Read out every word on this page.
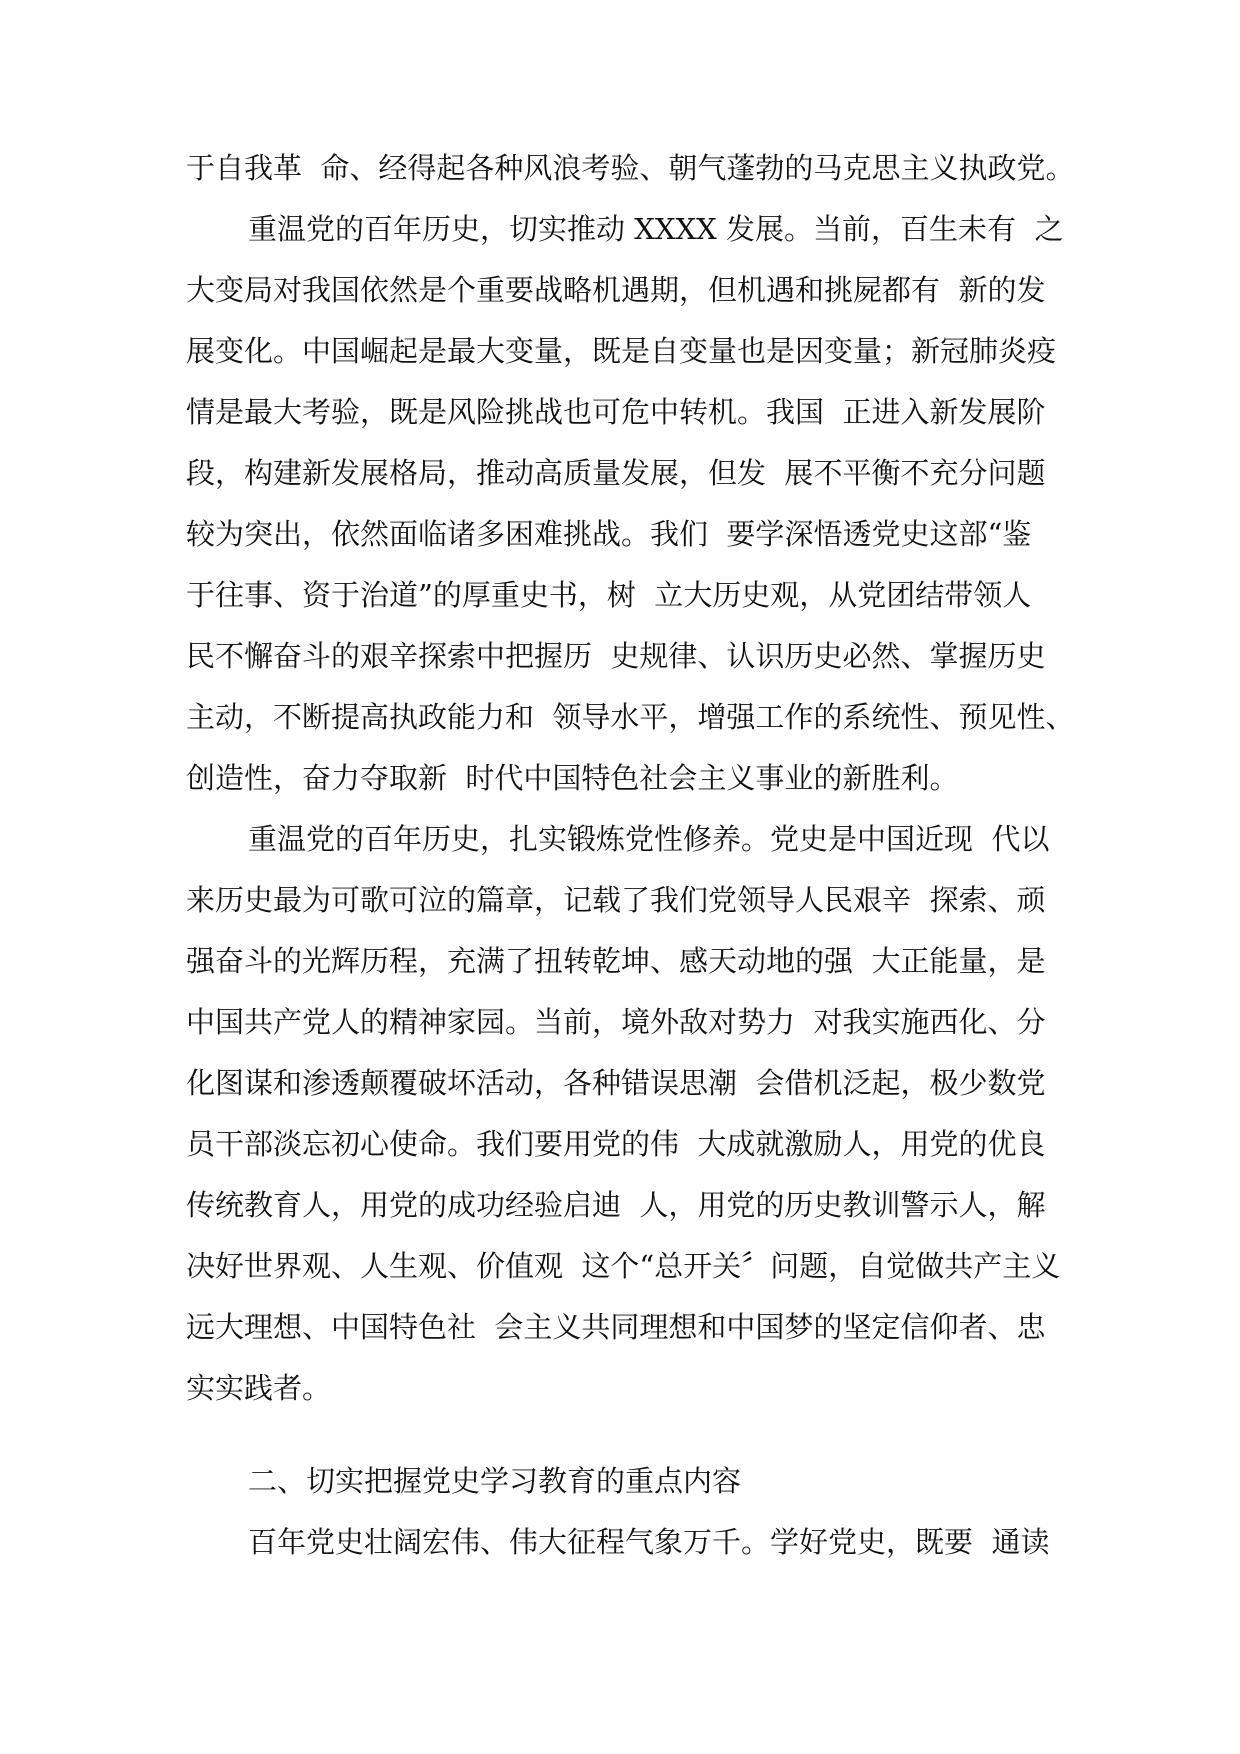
于自我革  命、经得起各种风浪考验、朝气蓬勃的马克思主义执政党。
重温党的百年历史，切实推动 XXXX 发展。当前，百生未有  之
大变局对我国依然是个重要战略机遇期，但机遇和挑屍都有  新的发
展变化。中国崛起是最大变量，既是自变量也是因变量；新冠肺炎疫
情是最大考验，既是风险挑战也可危中转机。我国  正进入新发展阶
段，构建新发展格局，推动高质量发展，但发  展不平衡不充分问题
较为突出，依然面临诸多困难挑战。我们  要学深悟透党史这部“鉴
于往事、资于治道”的厚重史书，树  立大历史观，从党团结带领人
民不懈奋斗的艰辛探索中把握历  史规律、认识历史必然、掌握历史
主动，不断提高执政能力和  领导水平，增强工作的系统性、预见性、
创造性，奋力夺取新  时代中国特色社会主义事业的新胜利。
重温党的百年历史，扎实锻炼党性修养。党史是中国近现  代以
来历史最为可歌可泣的篇章，记载了我们党领导人民艰辛  探索、顽
强奋斗的光辉历程，充满了扭转乾坤、感天动地的强  大正能量，是
中国共产党人的精神家园。当前，境外敌对势力  对我实施西化、分
化图谋和渗透颠覆破坏活动，各种错误思潮  会借机泛起，极少数党
员干部淡忘初心使命。我们要用党的伟  大成就激励人，用党的优良
传统教育人，用党的成功经验启迪  人，用党的历史教训警示人，解
决好世界观、人生观、价值观  这个“总开关〞问题，自觉做共产主义
远大理想、中国特色社  会主义共同理想和中国梦的坚定信仰者、忠
实实践者。
二、切实把握党史学习教育的重点内容
百年党史壮阔宏伟、伟大征程气象万千。学好党史，既要  通读
